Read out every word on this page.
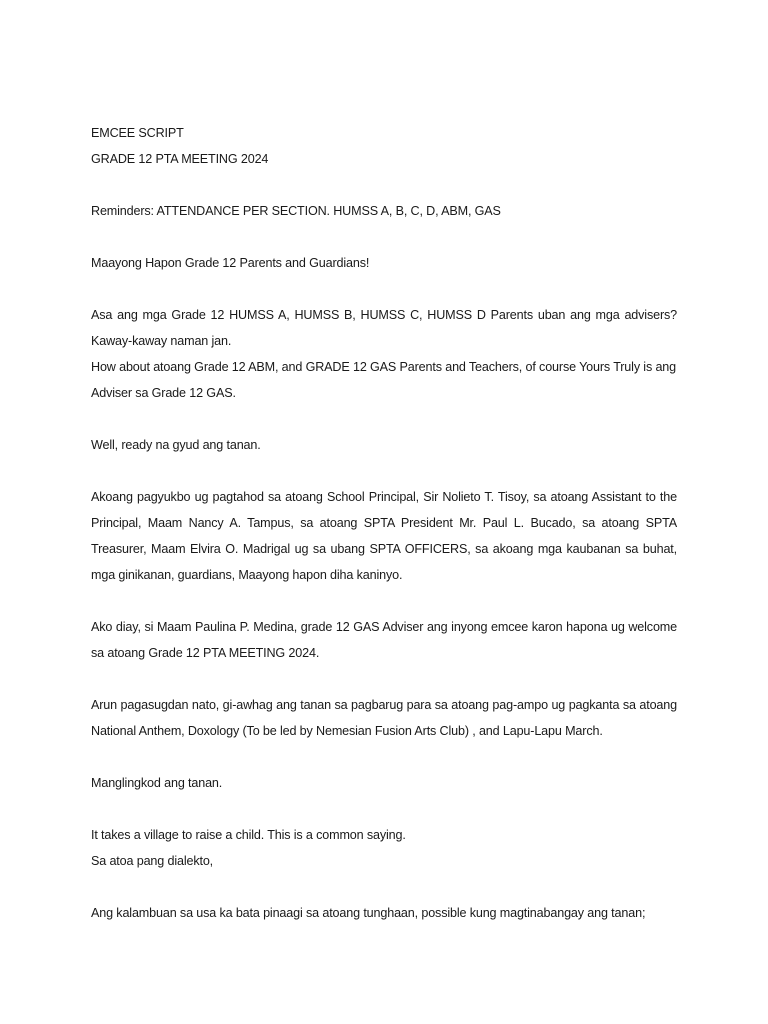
EMCEE SCRIPT

GRADE 12 PTA MEETING 2024

Reminders: ATTENDANCE PER SECTION. HUMSS A, B, C, D, ABM, GAS

Maayong Hapon Grade 12 Parents and Guardians!

Asa ang mga Grade 12 HUMSS A, HUMSS B, HUMSS C, HUMSS D Parents uban ang mga advisers? Kaway-kaway naman jan.

How about atoang Grade 12 ABM, and GRADE 12 GAS Parents and Teachers, of course Yours Truly is ang Adviser sa Grade 12 GAS.

Well, ready na gyud ang tanan.

Akoang pagyukbo ug pagtahod sa atoang School Principal, Sir Nolieto T. Tisoy, sa atoang Assistant to the Principal, Maam Nancy A. Tampus, sa atoang SPTA President Mr. Paul L. Bucado, sa atoang SPTA Treasurer, Maam Elvira O. Madrigal ug sa ubang SPTA OFFICERS, sa akoang mga kaubanan sa buhat, mga ginikanan, guardians, Maayong hapon diha kaninyo.

Ako diay, si Maam Paulina P. Medina, grade 12 GAS Adviser ang inyong emcee karon hapona ug welcome sa atoang Grade 12 PTA MEETING 2024.

Arun pagasugdan nato, gi-awhag ang tanan sa pagbarug para sa atoang pag-ampo ug pagkanta sa atoang National Anthem, Doxology (To be led by Nemesian Fusion Arts Club) , and Lapu-Lapu March.

Manglingkod ang tanan.

It takes a village to raise a child. This is a common saying.

Sa atoa pang dialekto,

Ang kalambuan sa usa ka bata pinaagi sa atoang tunghaan, possible kung magtinabangay ang tanan;
